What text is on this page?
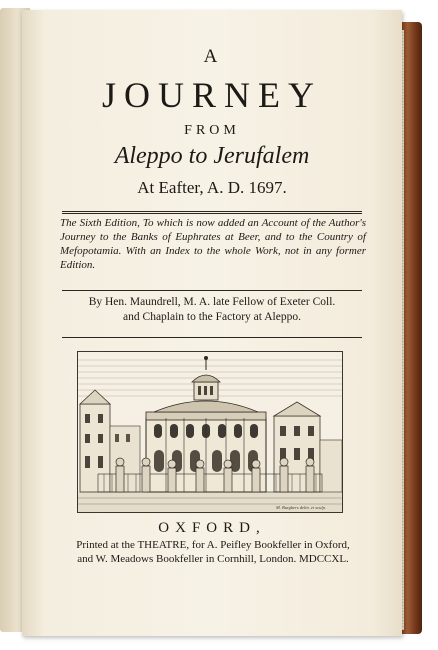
A
JOURNEY
FROM
Aleppo to Jerufalem
At Eafter, A. D. 1697.
The Sixth Edition, To which is now added an Account of the Author's Journey to the Banks of Euphrates at Beer, and to the Country of Mefopotamia. With an Index to the whole Work, not in any former Edition.
By Hen. Maundrell, M. A. late Fellow of Exeter Coll.
and Chaplain to the Factory at Aleppo.
M. Burghers delin. et sculp.
OXFORD,
Printed at the THEATRE, for A. Peifley Bookfeller in Oxford,
and W. Meadows Bookfeller in Cornhill, London. MDCCXL.
